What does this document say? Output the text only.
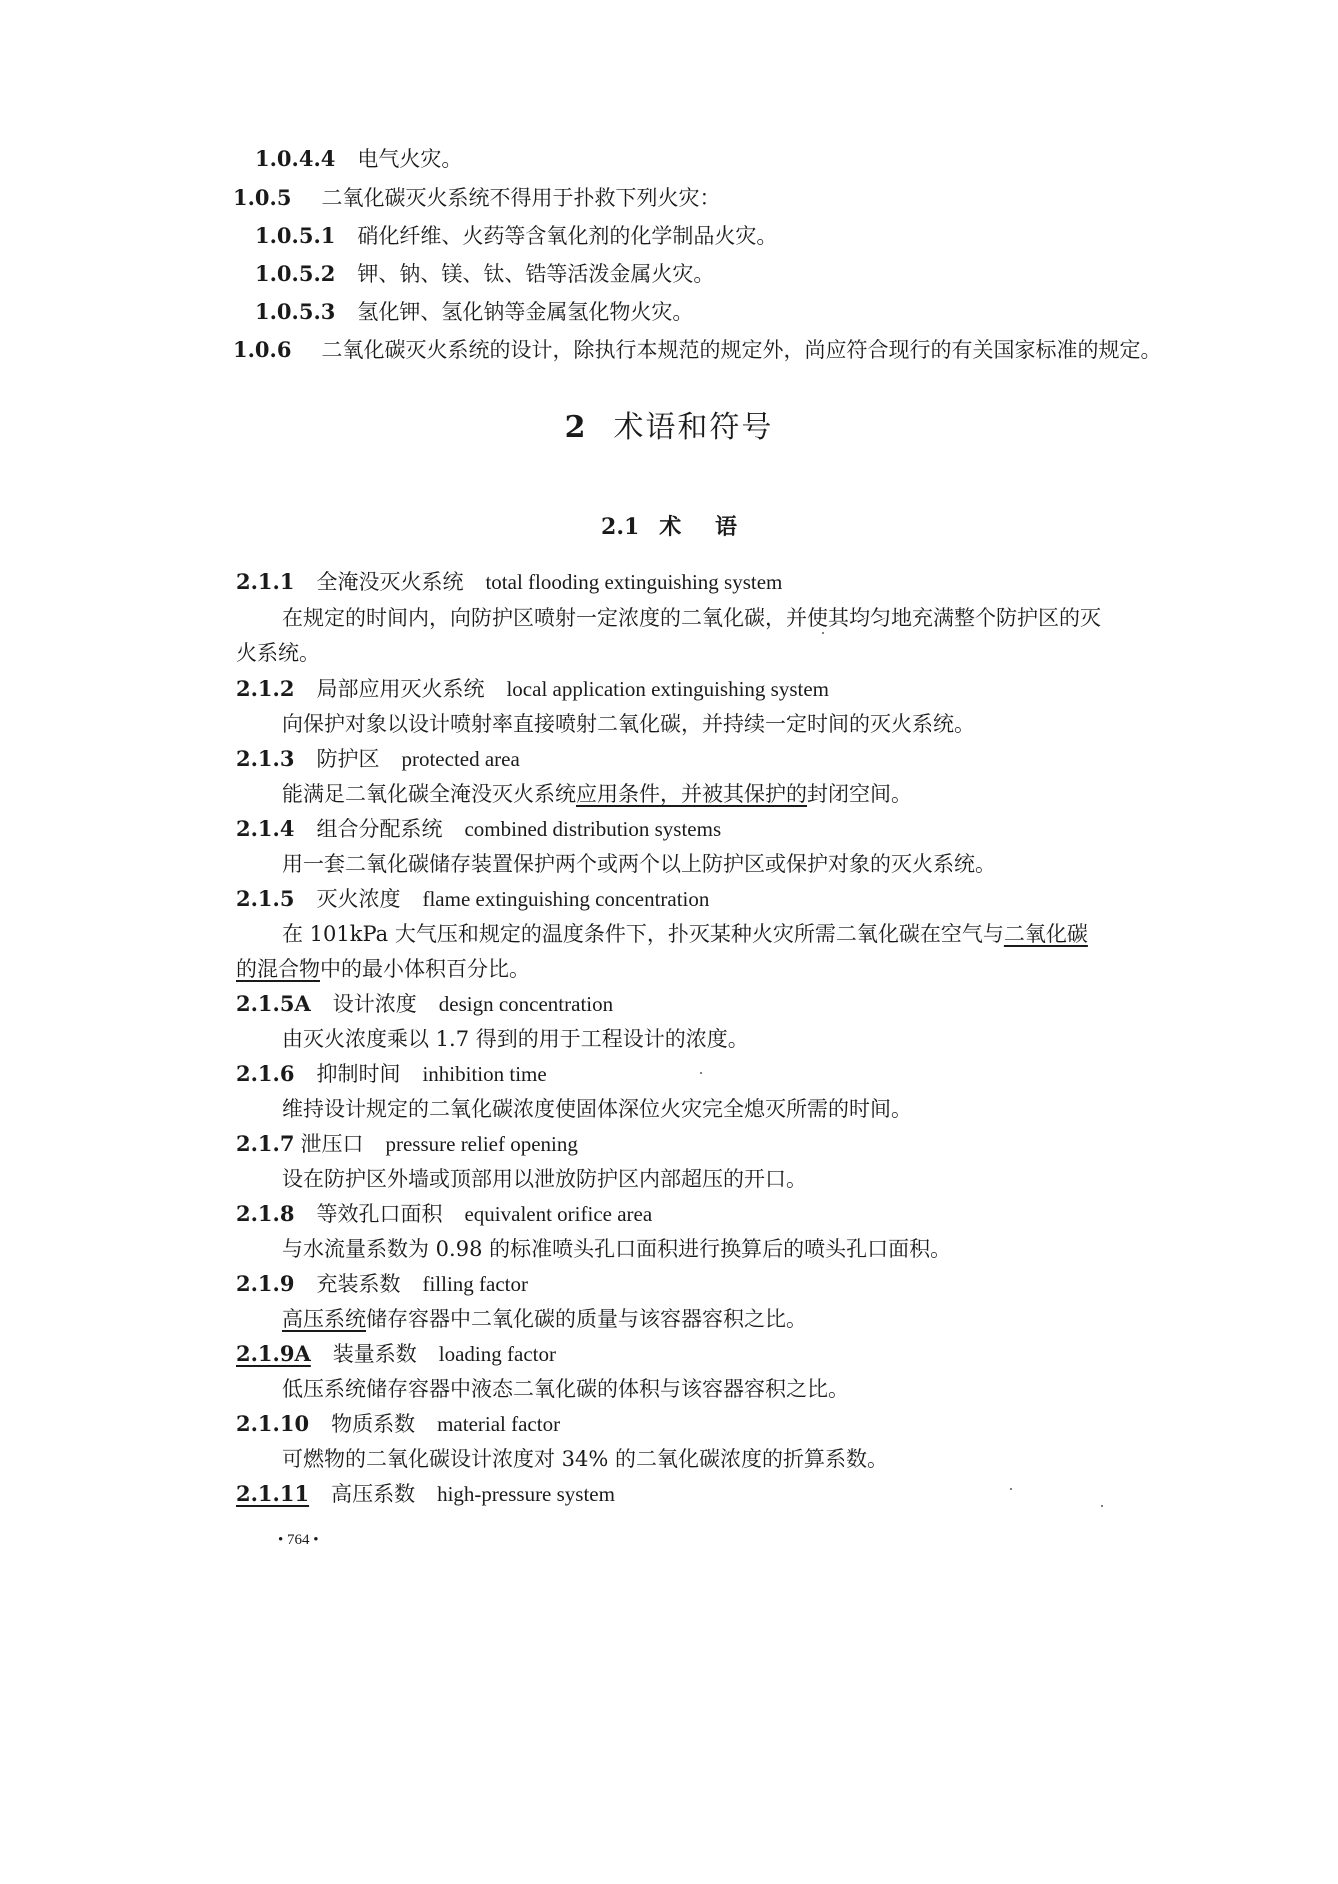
1.0.4.4 电气火灾。
1.0.5 二氧化碳灭火系统不得用于扑救下列火灾：
1.0.5.1 硝化纤维、火药等含氧化剂的化学制品火灾。
1.0.5.2 钾、钠、镁、钛、锆等活泼金属火灾。
1.0.5.3 氢化钾、氢化钠等金属氢化物火灾。
1.0.6 二氧化碳灭火系统的设计，除执行本规范的规定外，尚应符合现行的有关国家标准的规定。
2 术语和符号
2.1 术 语
2.1.1 全淹没灭火系统 total flooding extinguishing system
在规定的时间内，向防护区喷射一定浓度的二氧化碳，并使其均匀地充满整个防护区的灭
火系统。
2.1.2 局部应用灭火系统 local application extinguishing system
向保护对象以设计喷射率直接喷射二氧化碳，并持续一定时间的灭火系统。
2.1.3 防护区 protected area
能满足二氧化碳全淹没灭火系统应用条件，并被其保护的封闭空间。
2.1.4 组合分配系统 combined distribution systems
用一套二氧化碳储存装置保护两个或两个以上防护区或保护对象的灭火系统。
2.1.5 灭火浓度 flame extinguishing concentration
在 101kPa 大气压和规定的温度条件下，扑灭某种火灾所需二氧化碳在空气与二氧化碳
的混合物中的最小体积百分比。
2.1.5A 设计浓度 design concentration
由灭火浓度乘以 1.7 得到的用于工程设计的浓度。
2.1.6 抑制时间 inhibition time
维持设计规定的二氧化碳浓度使固体深位火灾完全熄灭所需的时间。
2.1.7 泄压口 pressure relief opening
设在防护区外墙或顶部用以泄放防护区内部超压的开口。
2.1.8 等效孔口面积 equivalent orifice area
与水流量系数为 0.98 的标准喷头孔口面积进行换算后的喷头孔口面积。
2.1.9 充装系数 filling factor
高压系统储存容器中二氧化碳的质量与该容器容积之比。
2.1.9A 装量系数 loading factor
低压系统储存容器中液态二氧化碳的体积与该容器容积之比。
2.1.10 物质系数 material factor
可燃物的二氧化碳设计浓度对 34% 的二氧化碳浓度的折算系数。
2.1.11 高压系数 high-pressure system
• 764 •
